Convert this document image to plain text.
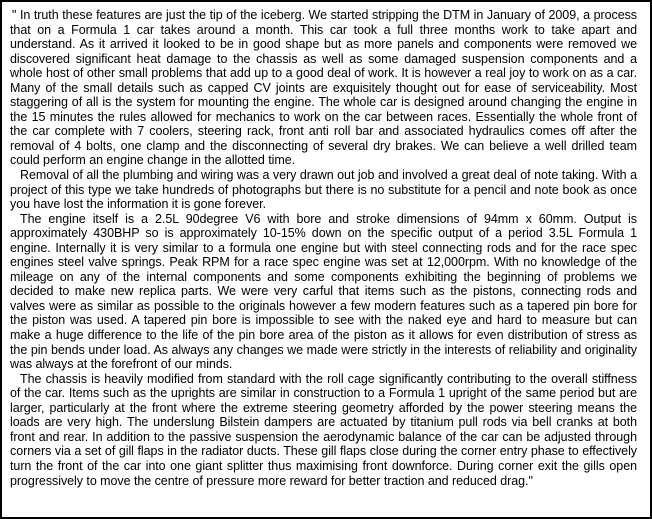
" In truth these features are just the tip of the iceberg. We started stripping the DTM in January of 2009, a process that on a Formula 1 car takes around a month. This car took a full three months work to take apart and understand. As it arrived it looked to be in good shape but as more panels and components were removed we discovered significant heat damage to the chassis as well as some damaged suspension components and a whole host of other small problems that add up to a good deal of work. It is however a real joy to work on as a car. Many of the small details such as capped CV joints are exquisitely thought out for ease of serviceability. Most staggering of all is the system for mounting the engine. The whole car is designed around changing the engine in the 15 minutes the rules allowed for mechanics to work on the car between races. Essentially the whole front of the car complete with 7 coolers, steering rack, front anti roll bar and associated hydraulics comes off after the removal of 4 bolts, one clamp and the disconnecting of several dry brakes. We can believe a well drilled team could perform an engine change in the allotted time.

Removal of all the plumbing and wiring was a very drawn out job and involved a great deal of note taking. With a project of this type we take hundreds of photographs but there is no substitute for a pencil and note book as once you have lost the information it is gone forever.

The engine itself is a 2.5L 90degree V6 with bore and stroke dimensions of 94mm x 60mm. Output is approximately 430BHP so is approximately 10-15% down on the specific output of a period 3.5L Formula 1 engine. Internally it is very similar to a formula one engine but with steel connecting rods and for the race spec engines steel valve springs. Peak RPM for a race spec engine was set at 12,000rpm. With no knowledge of the mileage on any of the internal components and some components exhibiting the beginning of problems we decided to make new replica parts. We were very carful that items such as the pistons, connecting rods and valves were as similar as possible to the originals however a few modern features such as a tapered pin bore for the piston was used. A tapered pin bore is impossible to see with the naked eye and hard to measure but can make a huge difference to the life of the pin bore area of the piston as it allows for even distribution of stress as the pin bends under load. As always any changes we made were strictly in the interests of reliability and originality was always at the forefront of our minds.

The chassis is heavily modified from standard with the roll cage significantly contributing to the overall stiffness of the car. Items such as the uprights are similar in construction to a Formula 1 upright of the same period but are larger, particularly at the front where the extreme steering geometry afforded by the power steering means the loads are very high. The underslung Bilstein dampers are actuated by titanium pull rods via bell cranks at both front and rear. In addition to the passive suspension the aerodynamic balance of the car can be adjusted through corners via a set of gill flaps in the radiator ducts. These gill flaps close during the corner entry phase to effectively turn the front of the car into one giant splitter thus maximising front downforce. During corner exit the gills open progressively to move the centre of pressure more reward for better traction and reduced drag."
